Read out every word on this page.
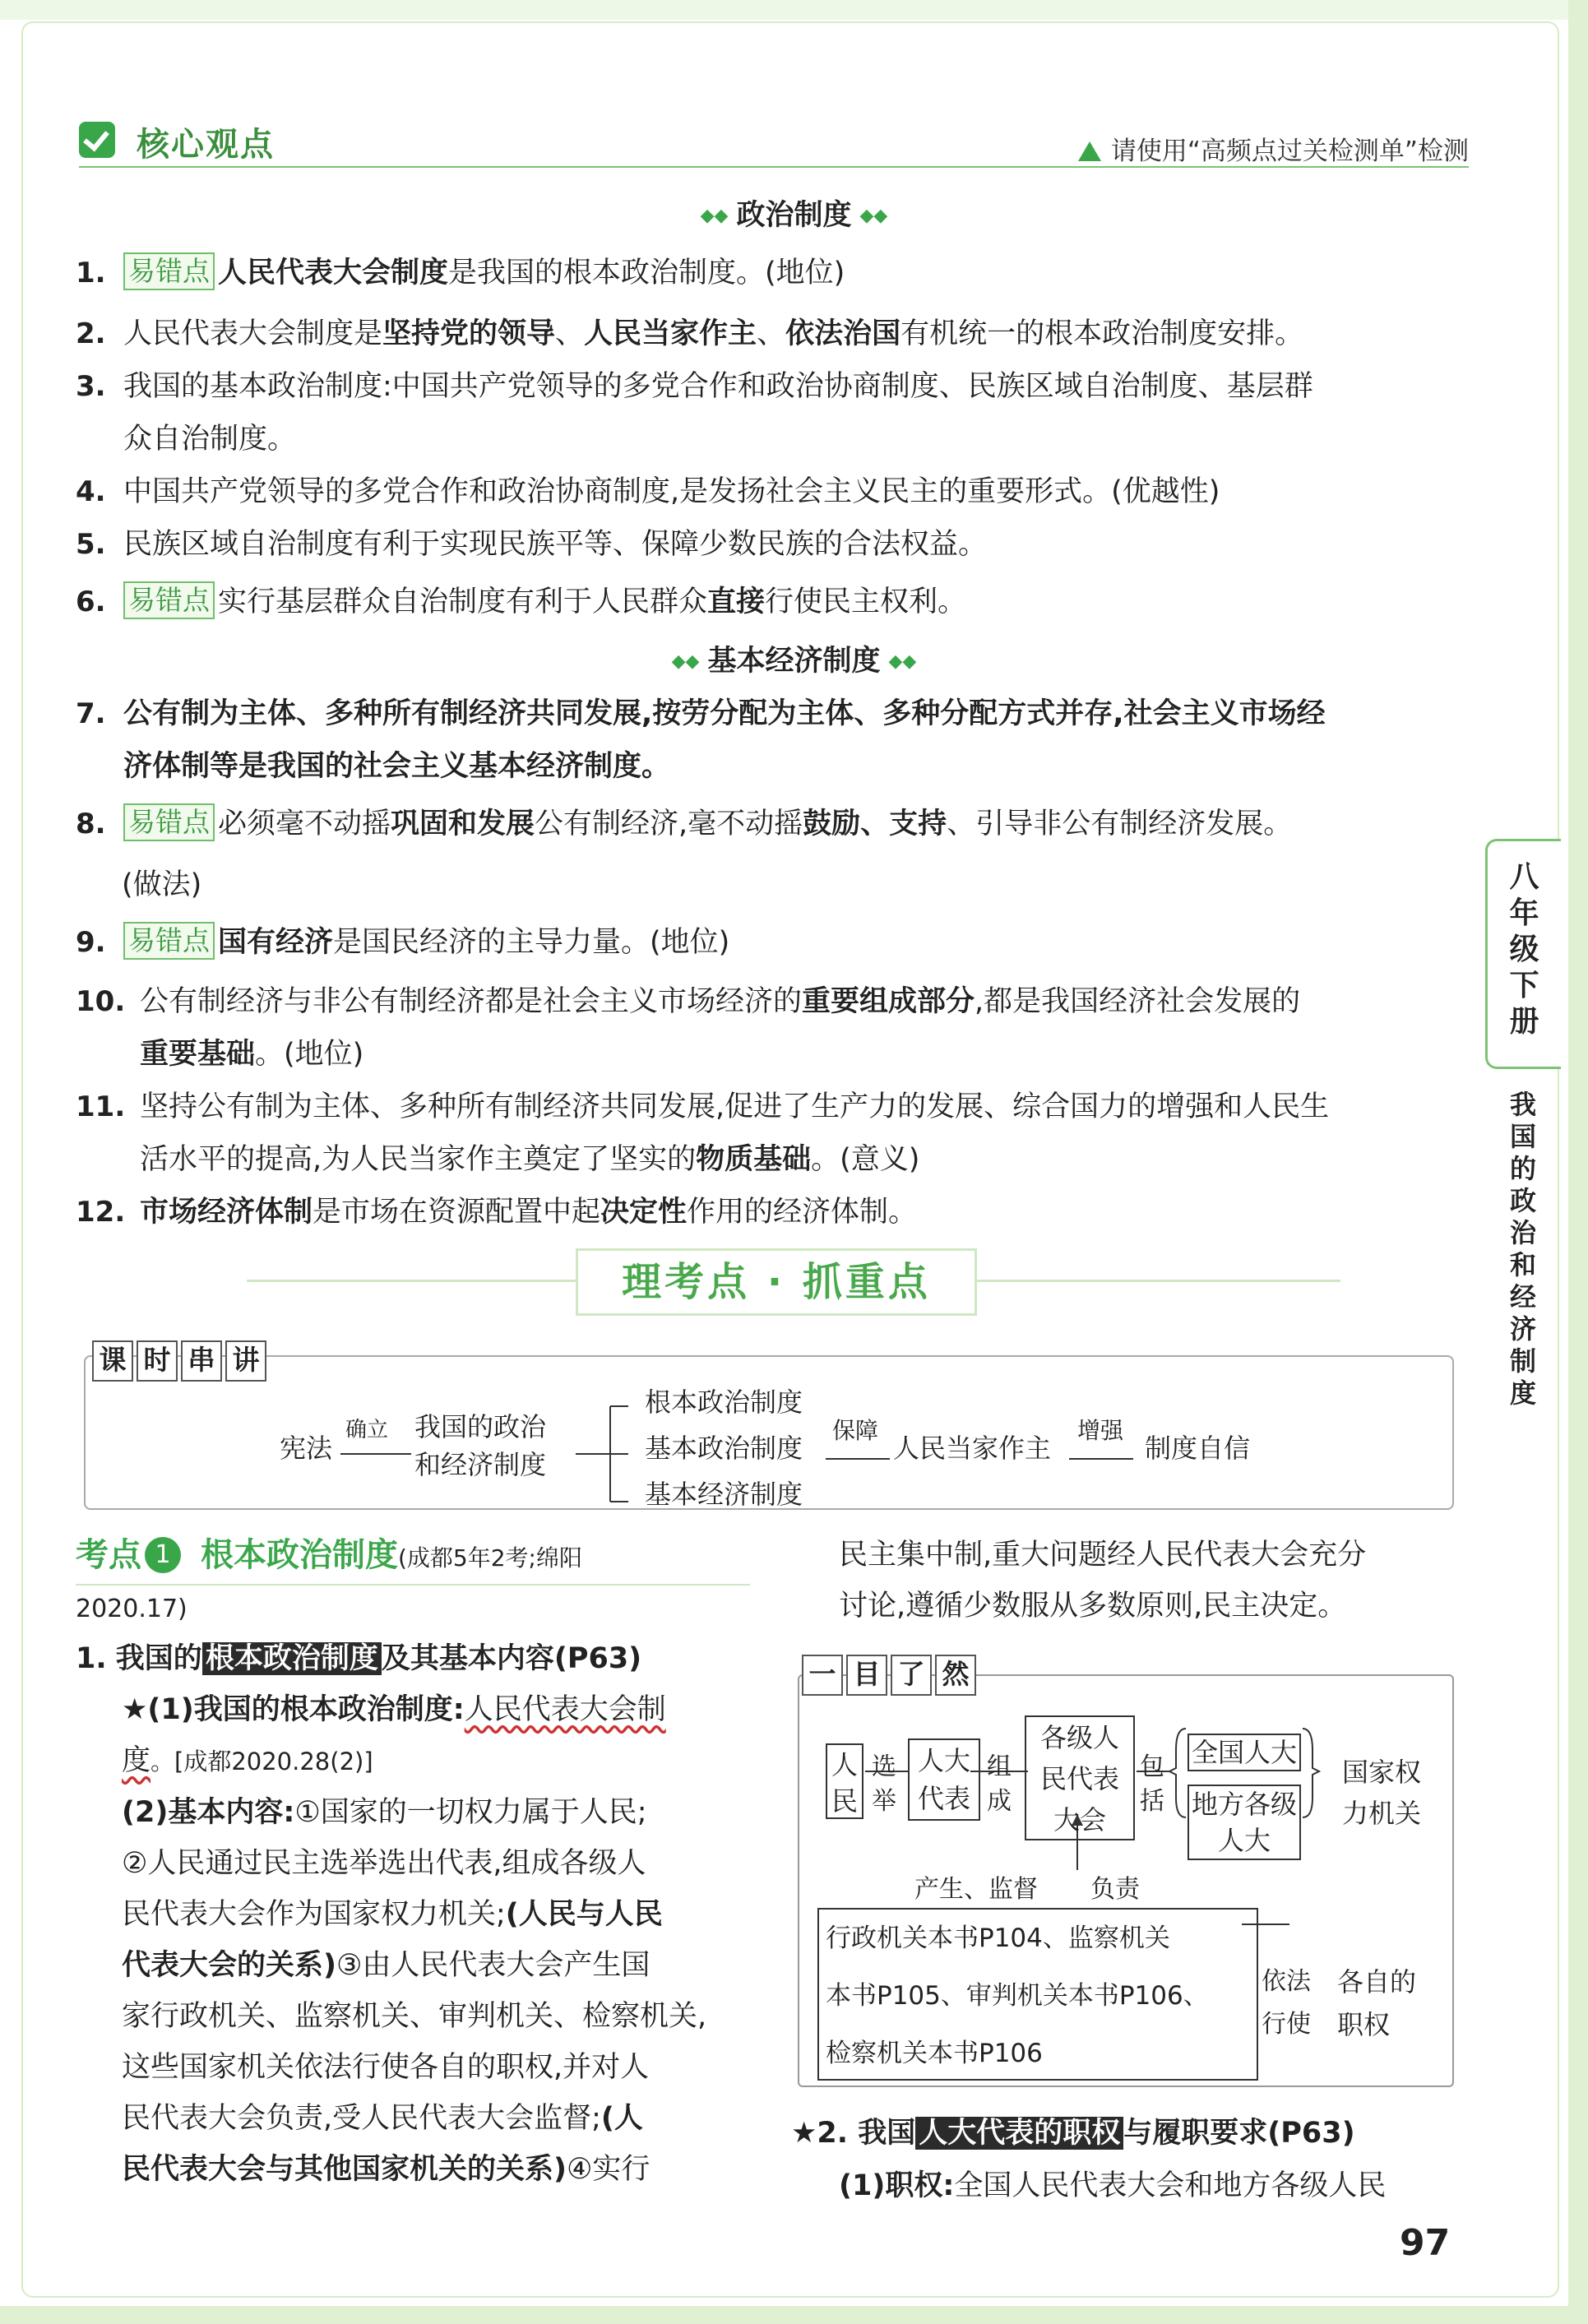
核心观点	请使用“高频点过关检测单”检测
◆◆ 政治制度 ◆◆
1. 易错点 人民代表大会制度是我国的根本政治制度。(地位)
2. 人民代表大会制度是坚持党的领导、人民当家作主、依法治国有机统一的根本政治制度安排。
3. 我国的基本政治制度:中国共产党领导的多党合作和政治协商制度、民族区域自治制度、基层群
众自治制度。
4. 中国共产党领导的多党合作和政治协商制度,是发扬社会主义民主的重要形式。(优越性)
5. 民族区域自治制度有利于实现民族平等、保障少数民族的合法权益。
6. 易错点 实行基层群众自治制度有利于人民群众直接行使民主权利。
◆◆ 基本经济制度 ◆◆
7. 公有制为主体、多种所有制经济共同发展,按劳分配为主体、多种分配方式并存,社会主义市场经
济体制等是我国的社会主义基本经济制度。
8. 易错点 必须毫不动摇巩固和发展公有制经济,毫不动摇鼓励、支持、引导非公有制经济发展。
(做法)
9. 易错点 国有经济是国民经济的主导力量。(地位)
10. 公有制经济与非公有制经济都是社会主义市场经济的重要组成部分,都是我国经济社会发展的
重要基础。(地位)
11. 坚持公有制为主体、多种所有制经济共同发展,促进了生产力的发展、综合国力的增强和人民生
活水平的提高,为人民当家作主奠定了坚实的物质基础。(意义)
12. 市场经济体制是市场在资源配置中起决定性作用的经济体制。
理考点 · 抓重点
课 时 串 讲
宪法
确立 我国的政治
和经济制度
根本政治制度
基本政治制度
基本经济制度
保障
人民当家作主
增强
制度自信
考点 1 根本政治制度(成都5年2考;绵阳
2020.17)
1. 我国的 根本政治制度 及其基本内容(P63)
★(1)我国的根本政治制度:人民代表大会制
度。[成都2020.28(2)]
(2)基本内容:①国家的一切权力属于人民;
②人民通过民主选举选出代表,组成各级人
民代表大会作为国家权力机关;(人民与人民
代表大会的关系)③由人民代表大会产生国
家行政机关、监察机关、审判机关、检察机关,
这些国家机关依法行使各自的职权,并对人
民代表大会负责,受人民代表大会监督;(人
民代表大会与其他国家机关的关系)④实行
民主集中制,重大问题经人民代表大会充分
讨论,遵循少数服从多数原则,民主决定。
一 目 了 然
人民
选举
人大代表
组成
各级人民代表大会
包括
全国人大
地方各级人大
国家权力机关
产生、监督 负责
行政机关本书P104、监察机关
本书P105、审判机关本书P106、
检察机关本书P106
依法行使
各自的职权
★2. 我国 人大代表的职权 与履职要求(P63)
(1)职权:全国人民代表大会和地方各级人民
八年级下册
我国的政治和经济制度
97
